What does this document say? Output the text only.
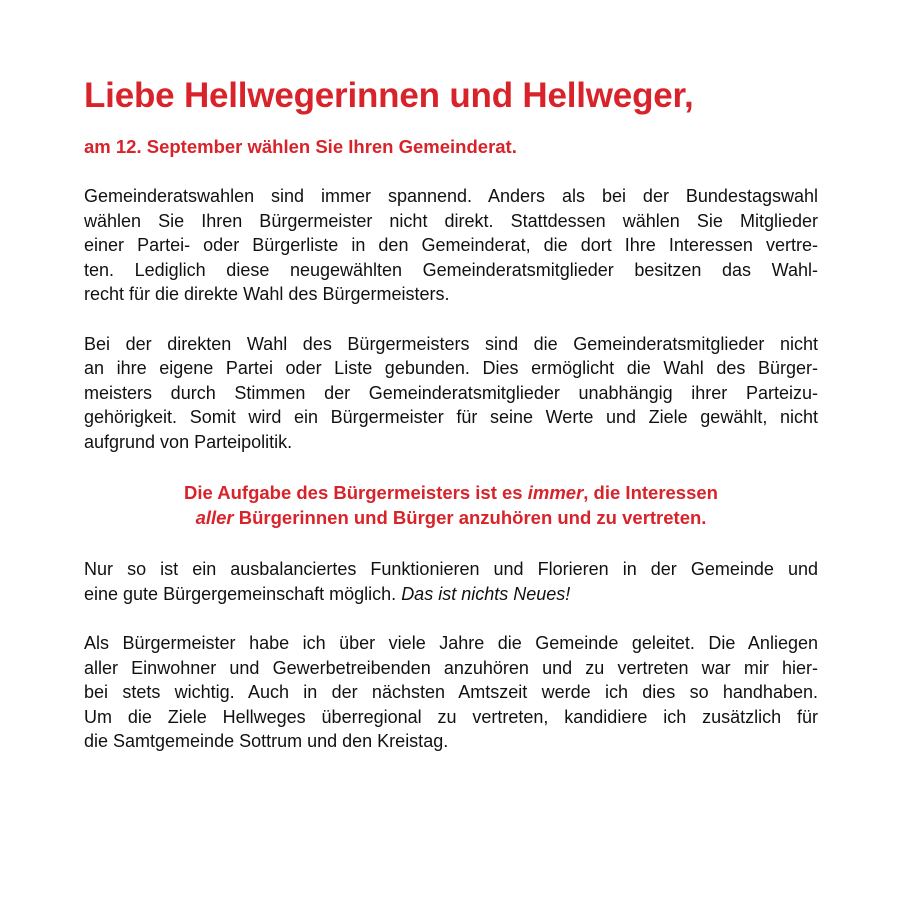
Liebe Hellwegerinnen und Hellweger,

am 12. September wählen Sie Ihren Gemeinderat.

Gemeinderatswahlen sind immer spannend. Anders als bei der Bundestagswahl
wählen Sie Ihren Bürgermeister nicht direkt. Stattdessen wählen Sie Mitglieder
einer Partei- oder Bürgerliste in den Gemeinderat, die dort Ihre Interessen vertre-
ten. Lediglich diese neugewählten Gemeinderatsmitglieder besitzen das Wahl-
recht für die direkte Wahl des Bürgermeisters.

Bei der direkten Wahl des Bürgermeisters sind die Gemeinderatsmitglieder nicht
an ihre eigene Partei oder Liste gebunden. Dies ermöglicht die Wahl des Bürger-
meisters durch Stimmen der Gemeinderatsmitglieder unabhängig ihrer Parteizu-
gehörigkeit. Somit wird ein Bürgermeister für seine Werte und Ziele gewählt, nicht
aufgrund von Parteipolitik.

Die Aufgabe des Bürgermeisters ist es immer, die Interessen
aller Bürgerinnen und Bürger anzuhören und zu vertreten.

Nur so ist ein ausbalanciertes Funktionieren und Florieren in der Gemeinde und
eine gute Bürgergemeinschaft möglich. Das ist nichts Neues!

Als Bürgermeister habe ich über viele Jahre die Gemeinde geleitet. Die Anliegen
aller Einwohner und Gewerbetreibenden anzuhören und zu vertreten war mir hier-
bei stets wichtig. Auch in der nächsten Amtszeit werde ich dies so handhaben.
Um die Ziele Hellweges überregional zu vertreten, kandidiere ich zusätzlich für
die Samtgemeinde Sottrum und den Kreistag.
